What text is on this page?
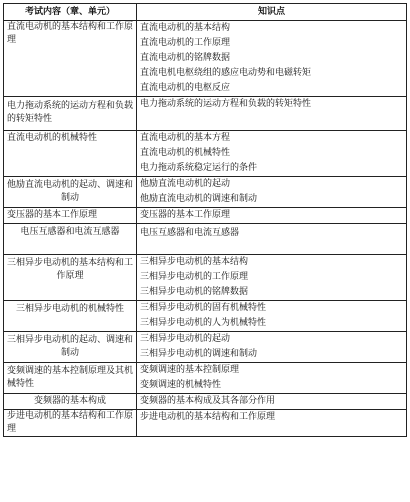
考试内容（章、单元）	知识点

直流电动机的基本结构和工作原理	直流电动机的基本结构
直流电动机的工作原理
直流电动机的铭牌数据
直流电机电枢绕组的感应电动势和电磁转矩
直流电动机的电枢反应

电力拖动系统的运动方程和负载的转矩特性	电力拖动系统的运动方程和负载的转矩特性

直流电动机的机械特性	直流电动机的基本方程
直流电动机的机械特性
电力拖动系统稳定运行的条件

他励直流电动机的起动、调速和制动	他励直流电动机的起动
他励直流电动机的调速和制动

变压器的基本工作原理	变压器的基本工作原理

电压互感器和电流互感器	电压互感器和电流互感器

三相异步电动机的基本结构和工作原理	三相异步电动机的基本结构
三相异步电动机的工作原理
三相异步电动机的铭牌数据

三相异步电动机的机械特性	三相异步电动机的固有机械特性
三相异步电动机的人为机械特性

三相异步电动机的起动、调速和制动	三相异步电动机的起动
三相异步电动机的调速和制动

变频调速的基本控制原理及其机械特性	变频调速的基本控制原理
变频调速的机械特性

变频器的基本构成	变频器的基本构成及其各部分作用

步进电动机的基本结构和工作原理	步进电动机的基本结构和工作原理
